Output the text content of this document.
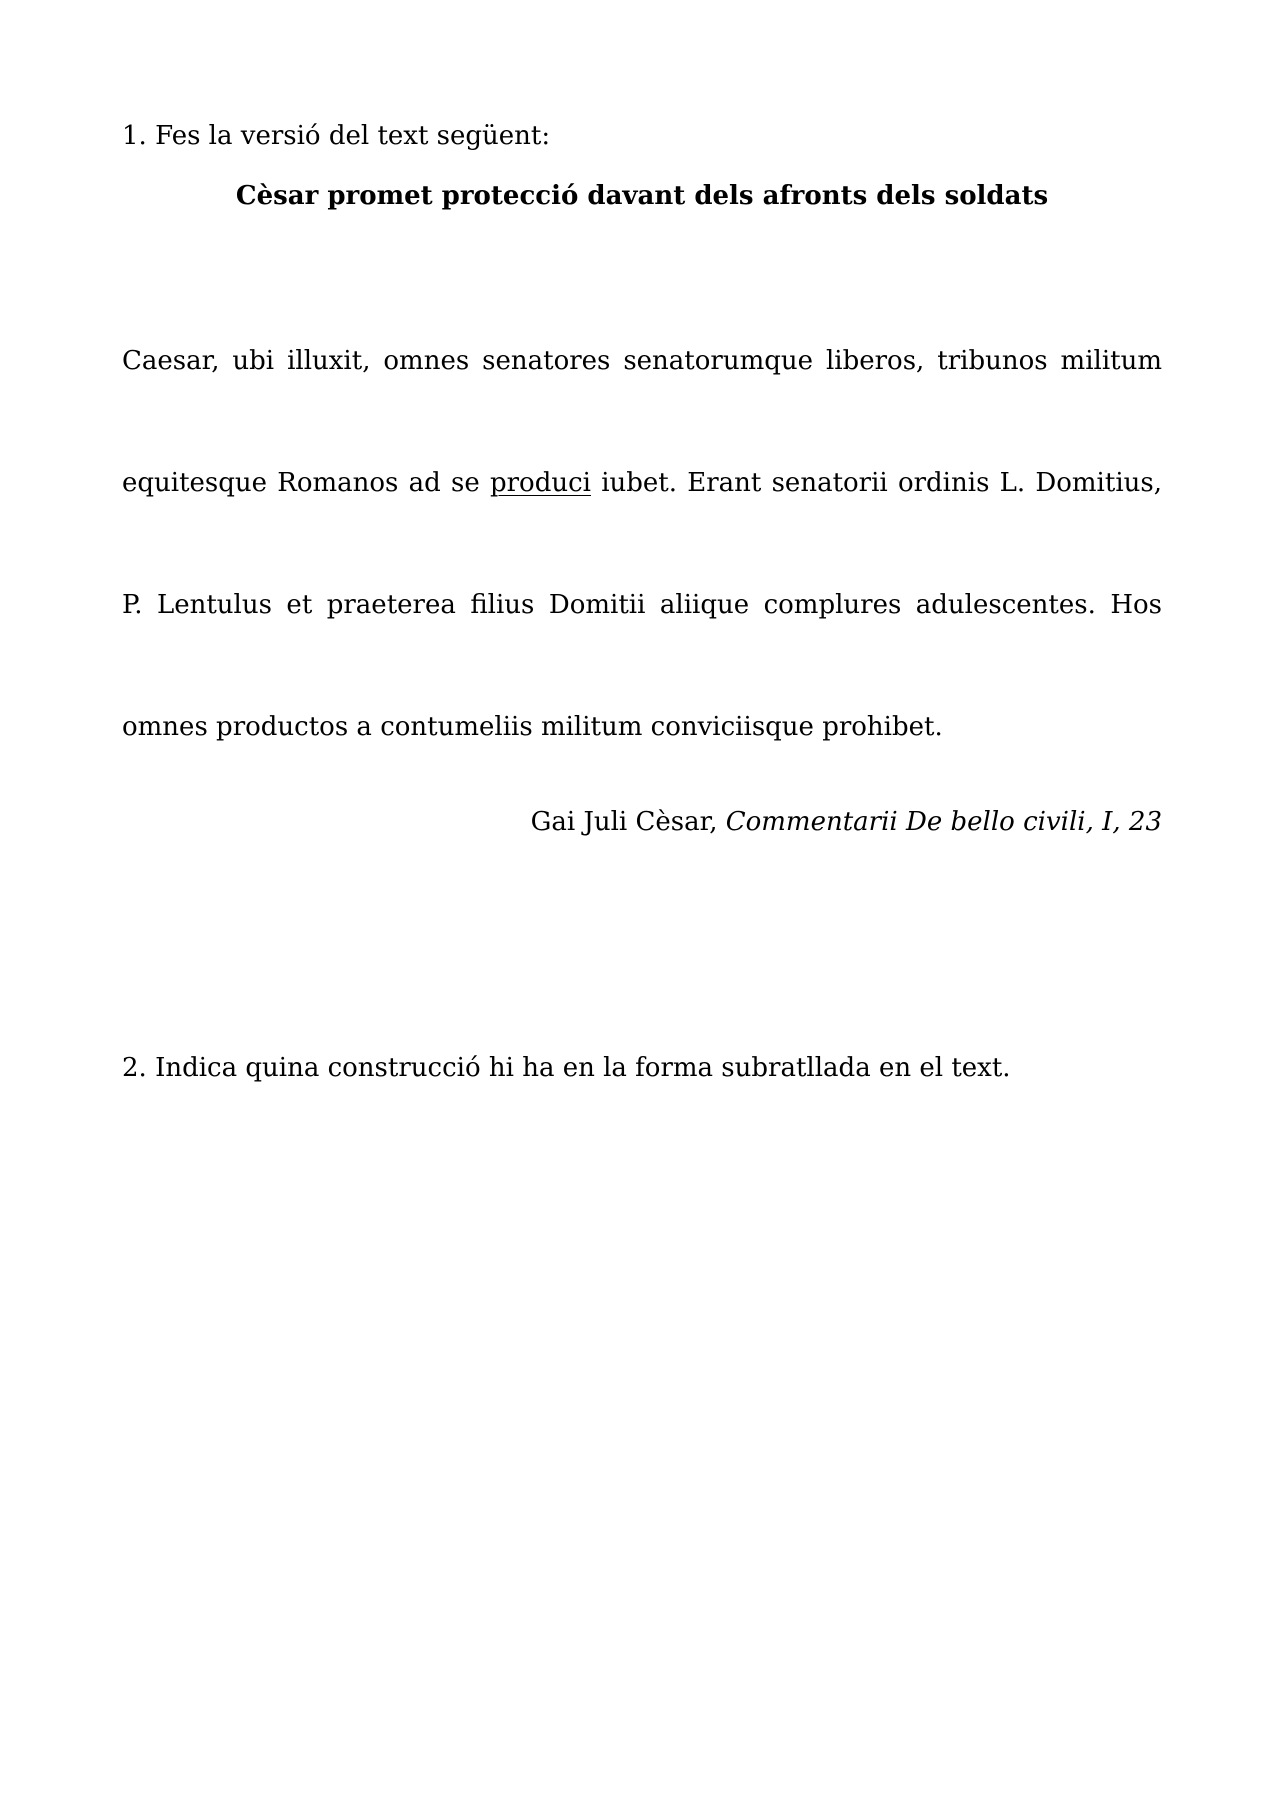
1. Fes la versió del text següent:
Cèsar promet protecció davant dels afronts dels soldats

Caesar, ubi illuxit, omnes senatores senatorumque liberos, tribunos militum equitesque Romanos ad se produci iubet. Erant senatorii ordinis L. Domitius, P. Lentulus et praeterea filius Domitii aliique complures adulescentes. Hos omnes productos a contumeliis militum conviciisque prohibet.

Gai Juli Cèsar, Commentarii De bello civili, I, 23
2. Indica quina construcció hi ha en la forma subratllada en el text.
